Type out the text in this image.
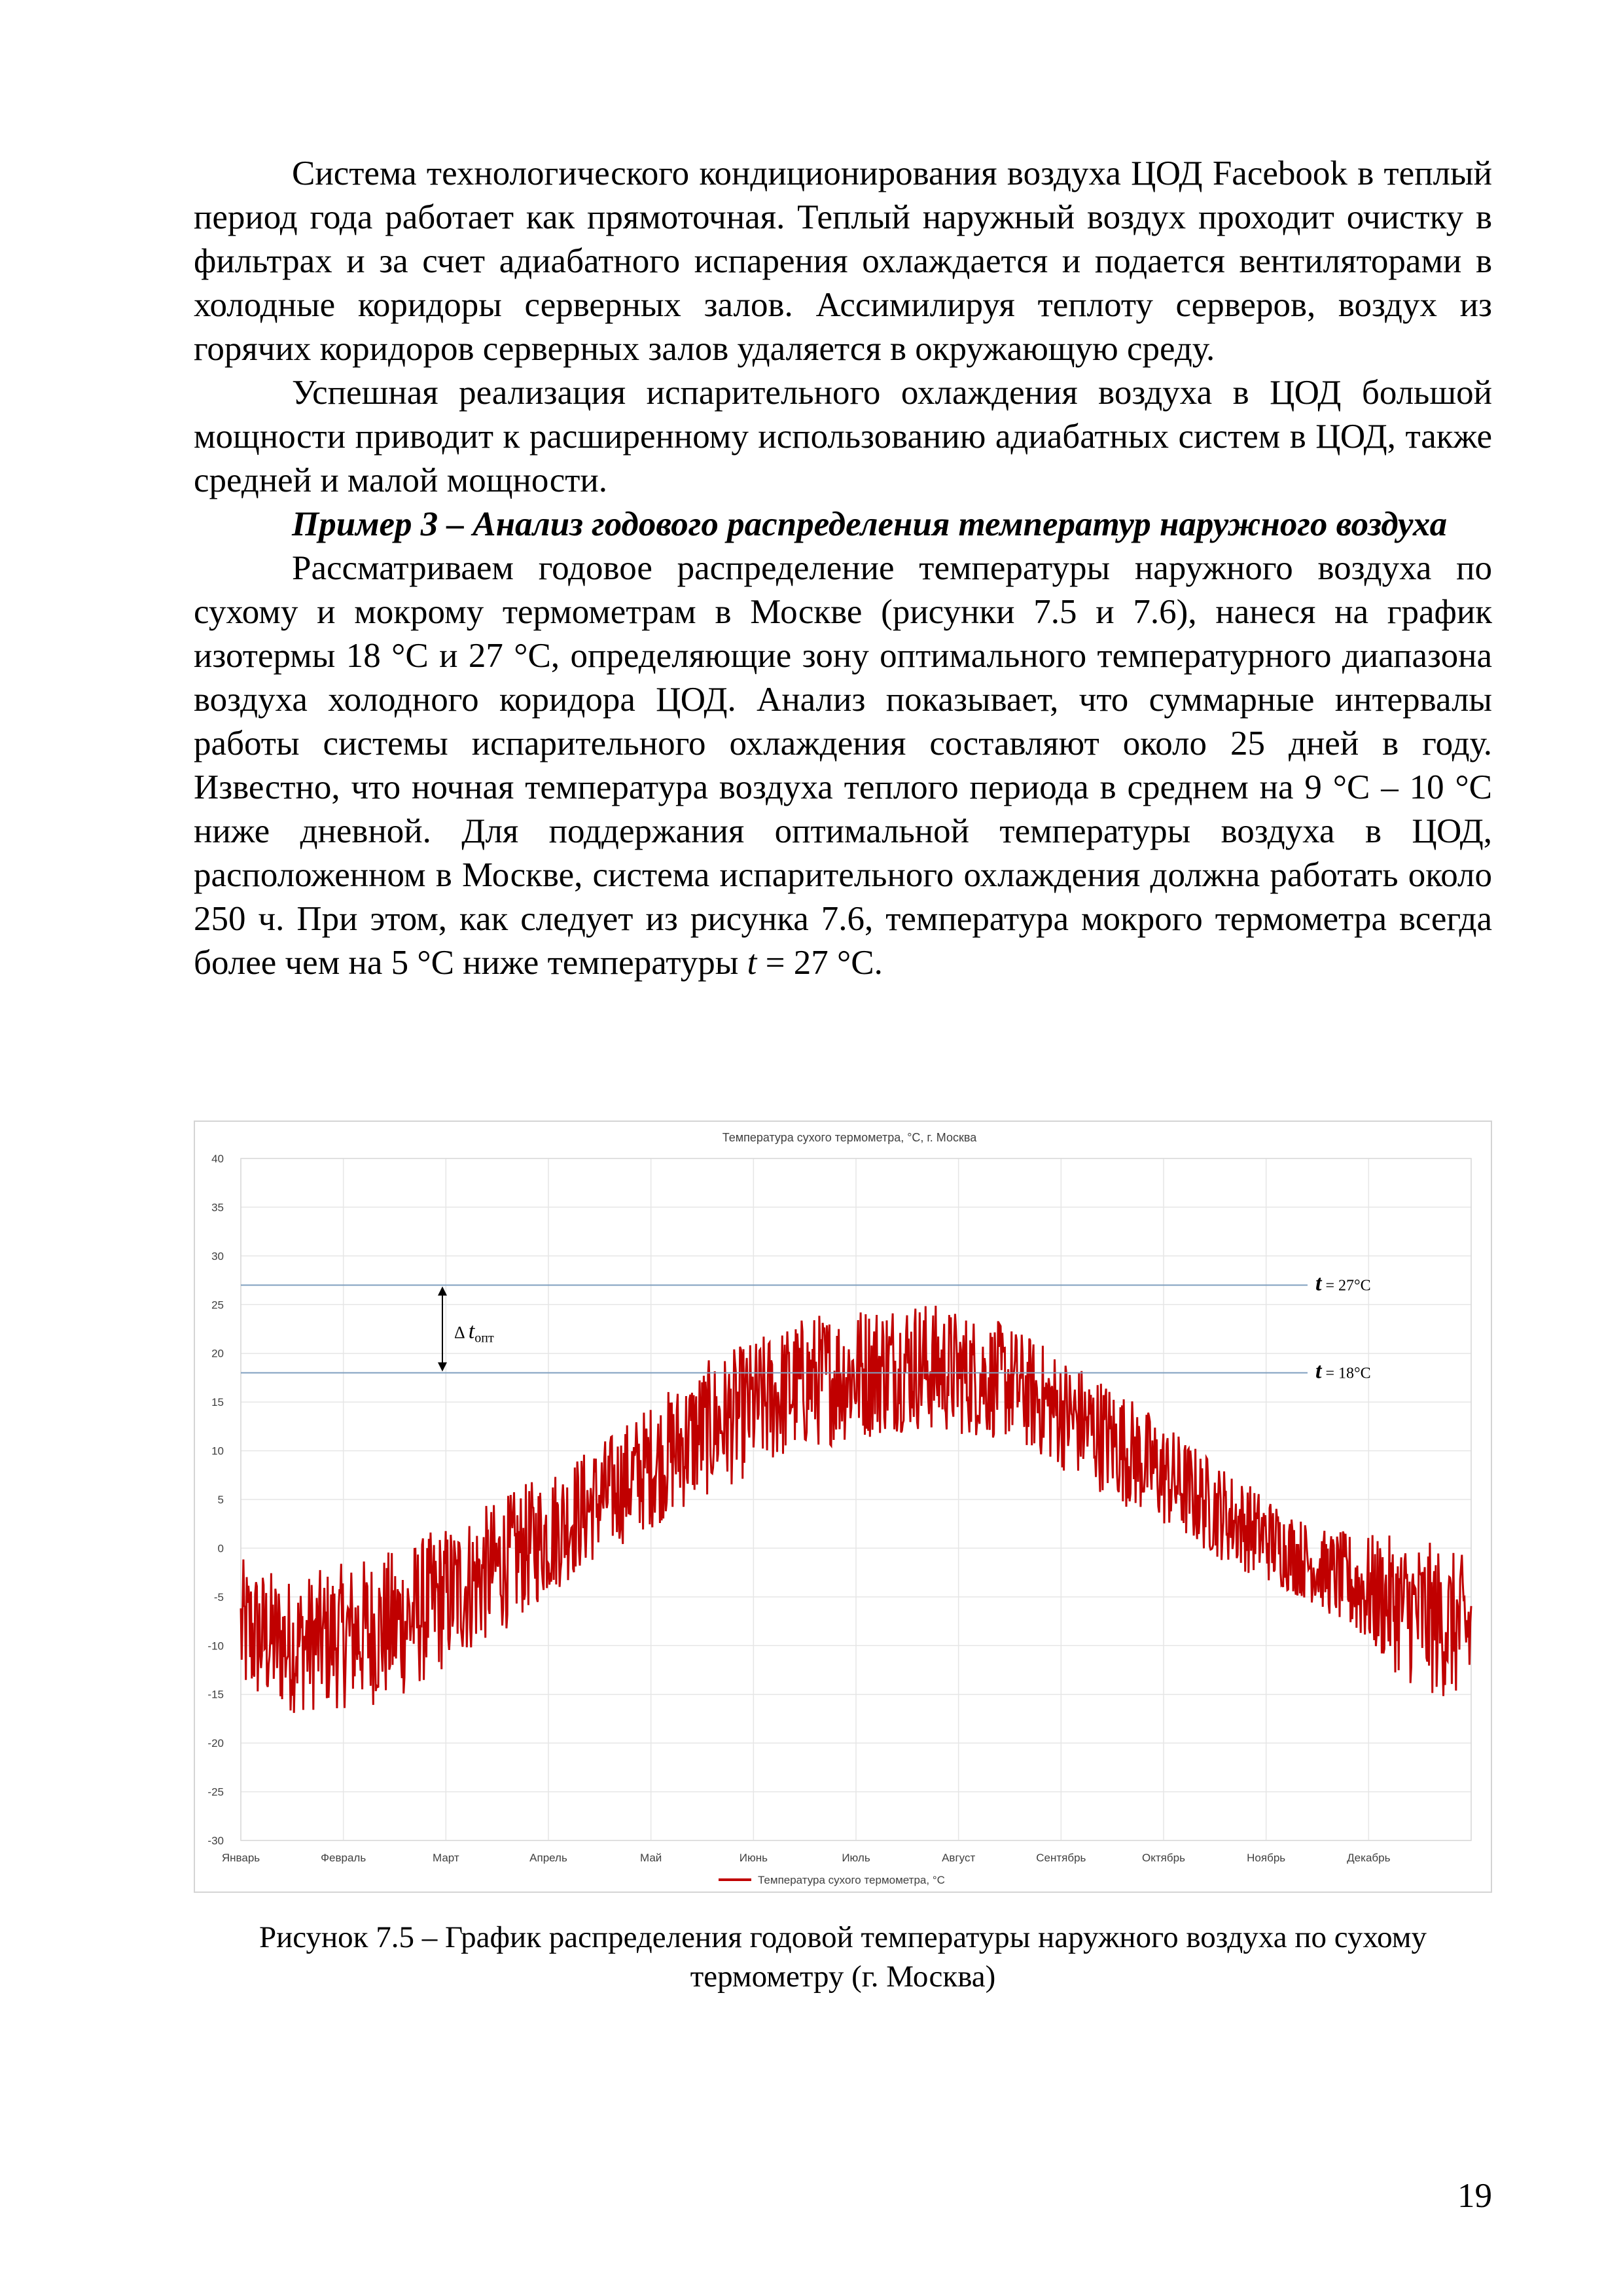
Система технологического кондиционирования воздуха ЦОД Facebook в теплый период года работает как прямоточная. Теплый наружный воздух проходит очистку в фильтрах и за счет адиабатного испарения охлаждается и подается вентиляторами в холодные коридоры серверных залов. Ассимилируя теплоту серверов, воздух из горячих коридоров серверных залов удаляется в окружающую среду.

Успешная реализация испарительного охлаждения воздуха в ЦОД большой мощности приводит к расширенному использованию адиабатных систем в ЦОД, также средней и малой мощности.

Пример 3 – Анализ годового распределения температур наружного воздуха

Рассматриваем годовое распределение температуры наружного воздуха по сухому и мокрому термометрам в Москве (рисунки 7.5 и 7.6), нанеся на график изотермы 18 °С и 27 °С, определяющие зону оптимального температурного диапазона воздуха холодного коридора ЦОД. Анализ показывает, что суммарные интервалы работы системы испарительного охлаждения составляют около 25 дней в году. Известно, что ночная температура воздуха теплого периода в среднем на 9 °С – 10 °С ниже дневной. Для поддержания оптимальной температуры воздуха в ЦОД, расположенном в Москве, система испарительного охлаждения должна работать около 250 ч. При этом, как следует из рисунка 7.6, температура мокрого термометра всегда более чем на 5 °С ниже температуры t = 27 °С.

Температура сухого термометра, °С, г. Москва
40
35
30
25
20
15
10
5
0
-5
-10
-15
-20
-25
-30
Январь	Февраль	Март	Апрель	Май	Июнь	Июль	Август	Сентябрь	Октябрь	Ноябрь	Декабрь
t = 27°С
t = 18°С
Δ $t_{опт}$
Температура сухого термометра, °С
Рисунок 7.5 – График распределения годовой температуры наружного воздуха по сухому
термометру (г. Москва)
19
